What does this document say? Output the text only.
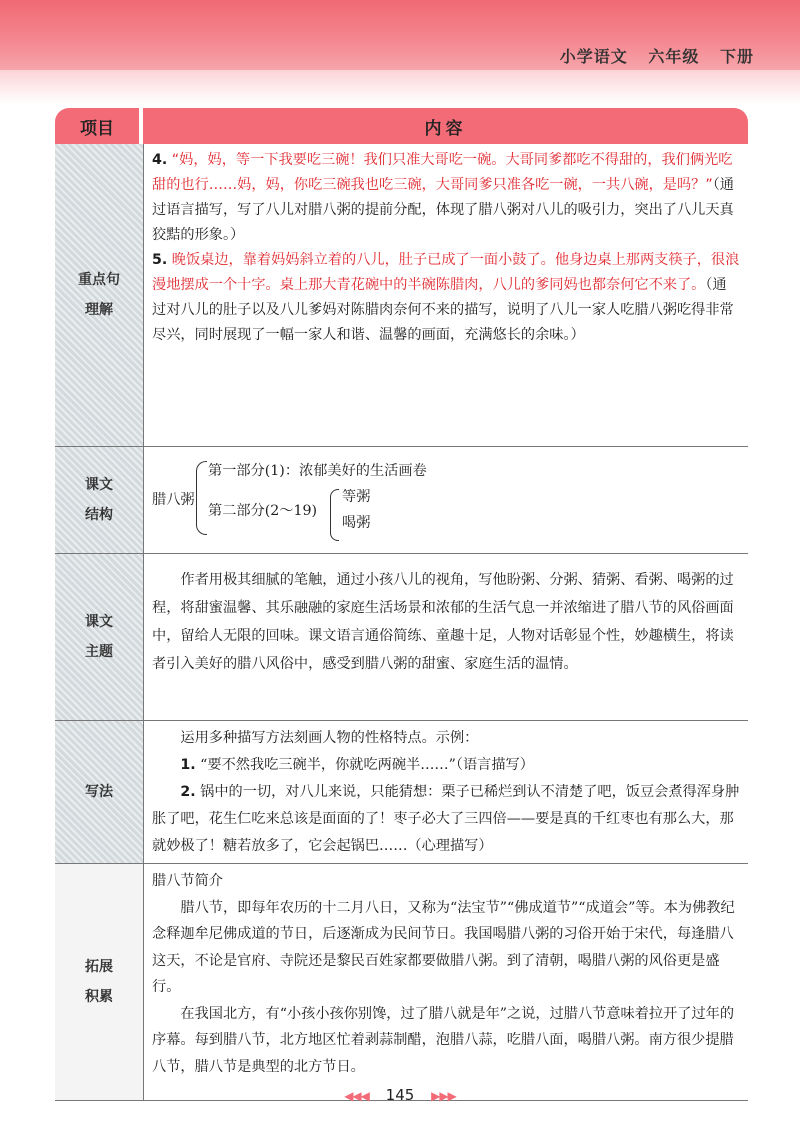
小学语文 六年级 下册
项目	内容
重点句
理解

4. “妈，妈，等一下我要吃三碗！我们只准大哥吃一碗。大哥同爹都吃不得甜的，我们俩光吃甜的也行……妈，妈，你吃三碗我也吃三碗，大哥同爹只准各吃一碗，一共八碗，是吗？”（通过语言描写，写了八儿对腊八粥的提前分配，体现了腊八粥对八儿的吸引力，突出了八儿天真狡黠的形象。）

5. 晚饭桌边，靠着妈妈斜立着的八儿，肚子已成了一面小鼓了。他身边桌上那两支筷子，很浪漫地摆成一个十字。桌上那大青花碗中的半碗陈腊肉，八儿的爹同妈也都奈何它不来了。（通过对八儿的肚子以及八儿爹妈对陈腊肉奈何不来的描写，说明了八儿一家人吃腊八粥吃得非常尽兴，同时展现了一幅一家人和谐、温馨的画面，充满悠长的余味。）

课文
结构
腊八粥
第一部分(1)：浓郁美好的生活画卷
第二部分(2～19)
等粥
喝粥
课文
主题

作者用极其细腻的笔触，通过小孩八儿的视角，写他盼粥、分粥、猜粥、看粥、喝粥的过程，将甜蜜温馨、其乐融融的家庭生活场景和浓郁的生活气息一并浓缩进了腊八节的风俗画面中，留给人无限的回味。课文语言通俗简练、童趣十足，人物对话彰显个性，妙趣横生，将读者引入美好的腊八风俗中，感受到腊八粥的甜蜜、家庭生活的温情。

写法

运用多种描写方法刻画人物的性格特点。示例：

1. “要不然我吃三碗半，你就吃两碗半……”（语言描写）

2. 锅中的一切，对八儿来说，只能猜想：栗子已稀烂到认不清楚了吧，饭豆会煮得浑身肿胀了吧，花生仁吃来总该是面面的了！枣子必大了三四倍——要是真的千红枣也有那么大，那就妙极了！糖若放多了，它会起锅巴……（心理描写）

拓展
积累

腊八节简介

腊八节，即每年农历的十二月八日，又称为“法宝节”“佛成道节”“成道会”等。本为佛教纪念释迦牟尼佛成道的节日，后逐渐成为民间节日。我国喝腊八粥的习俗开始于宋代，每逢腊八这天，不论是官府、寺院还是黎民百姓家都要做腊八粥。到了清朝，喝腊八粥的风俗更是盛行。

在我国北方，有“小孩小孩你别馋，过了腊八就是年”之说，过腊八节意味着拉开了过年的序幕。每到腊八节，北方地区忙着剥蒜制醋，泡腊八蒜，吃腊八面，喝腊八粥。南方很少提腊八节，腊八节是典型的北方节日。

◀◀◀ 145 ▶▶▶
